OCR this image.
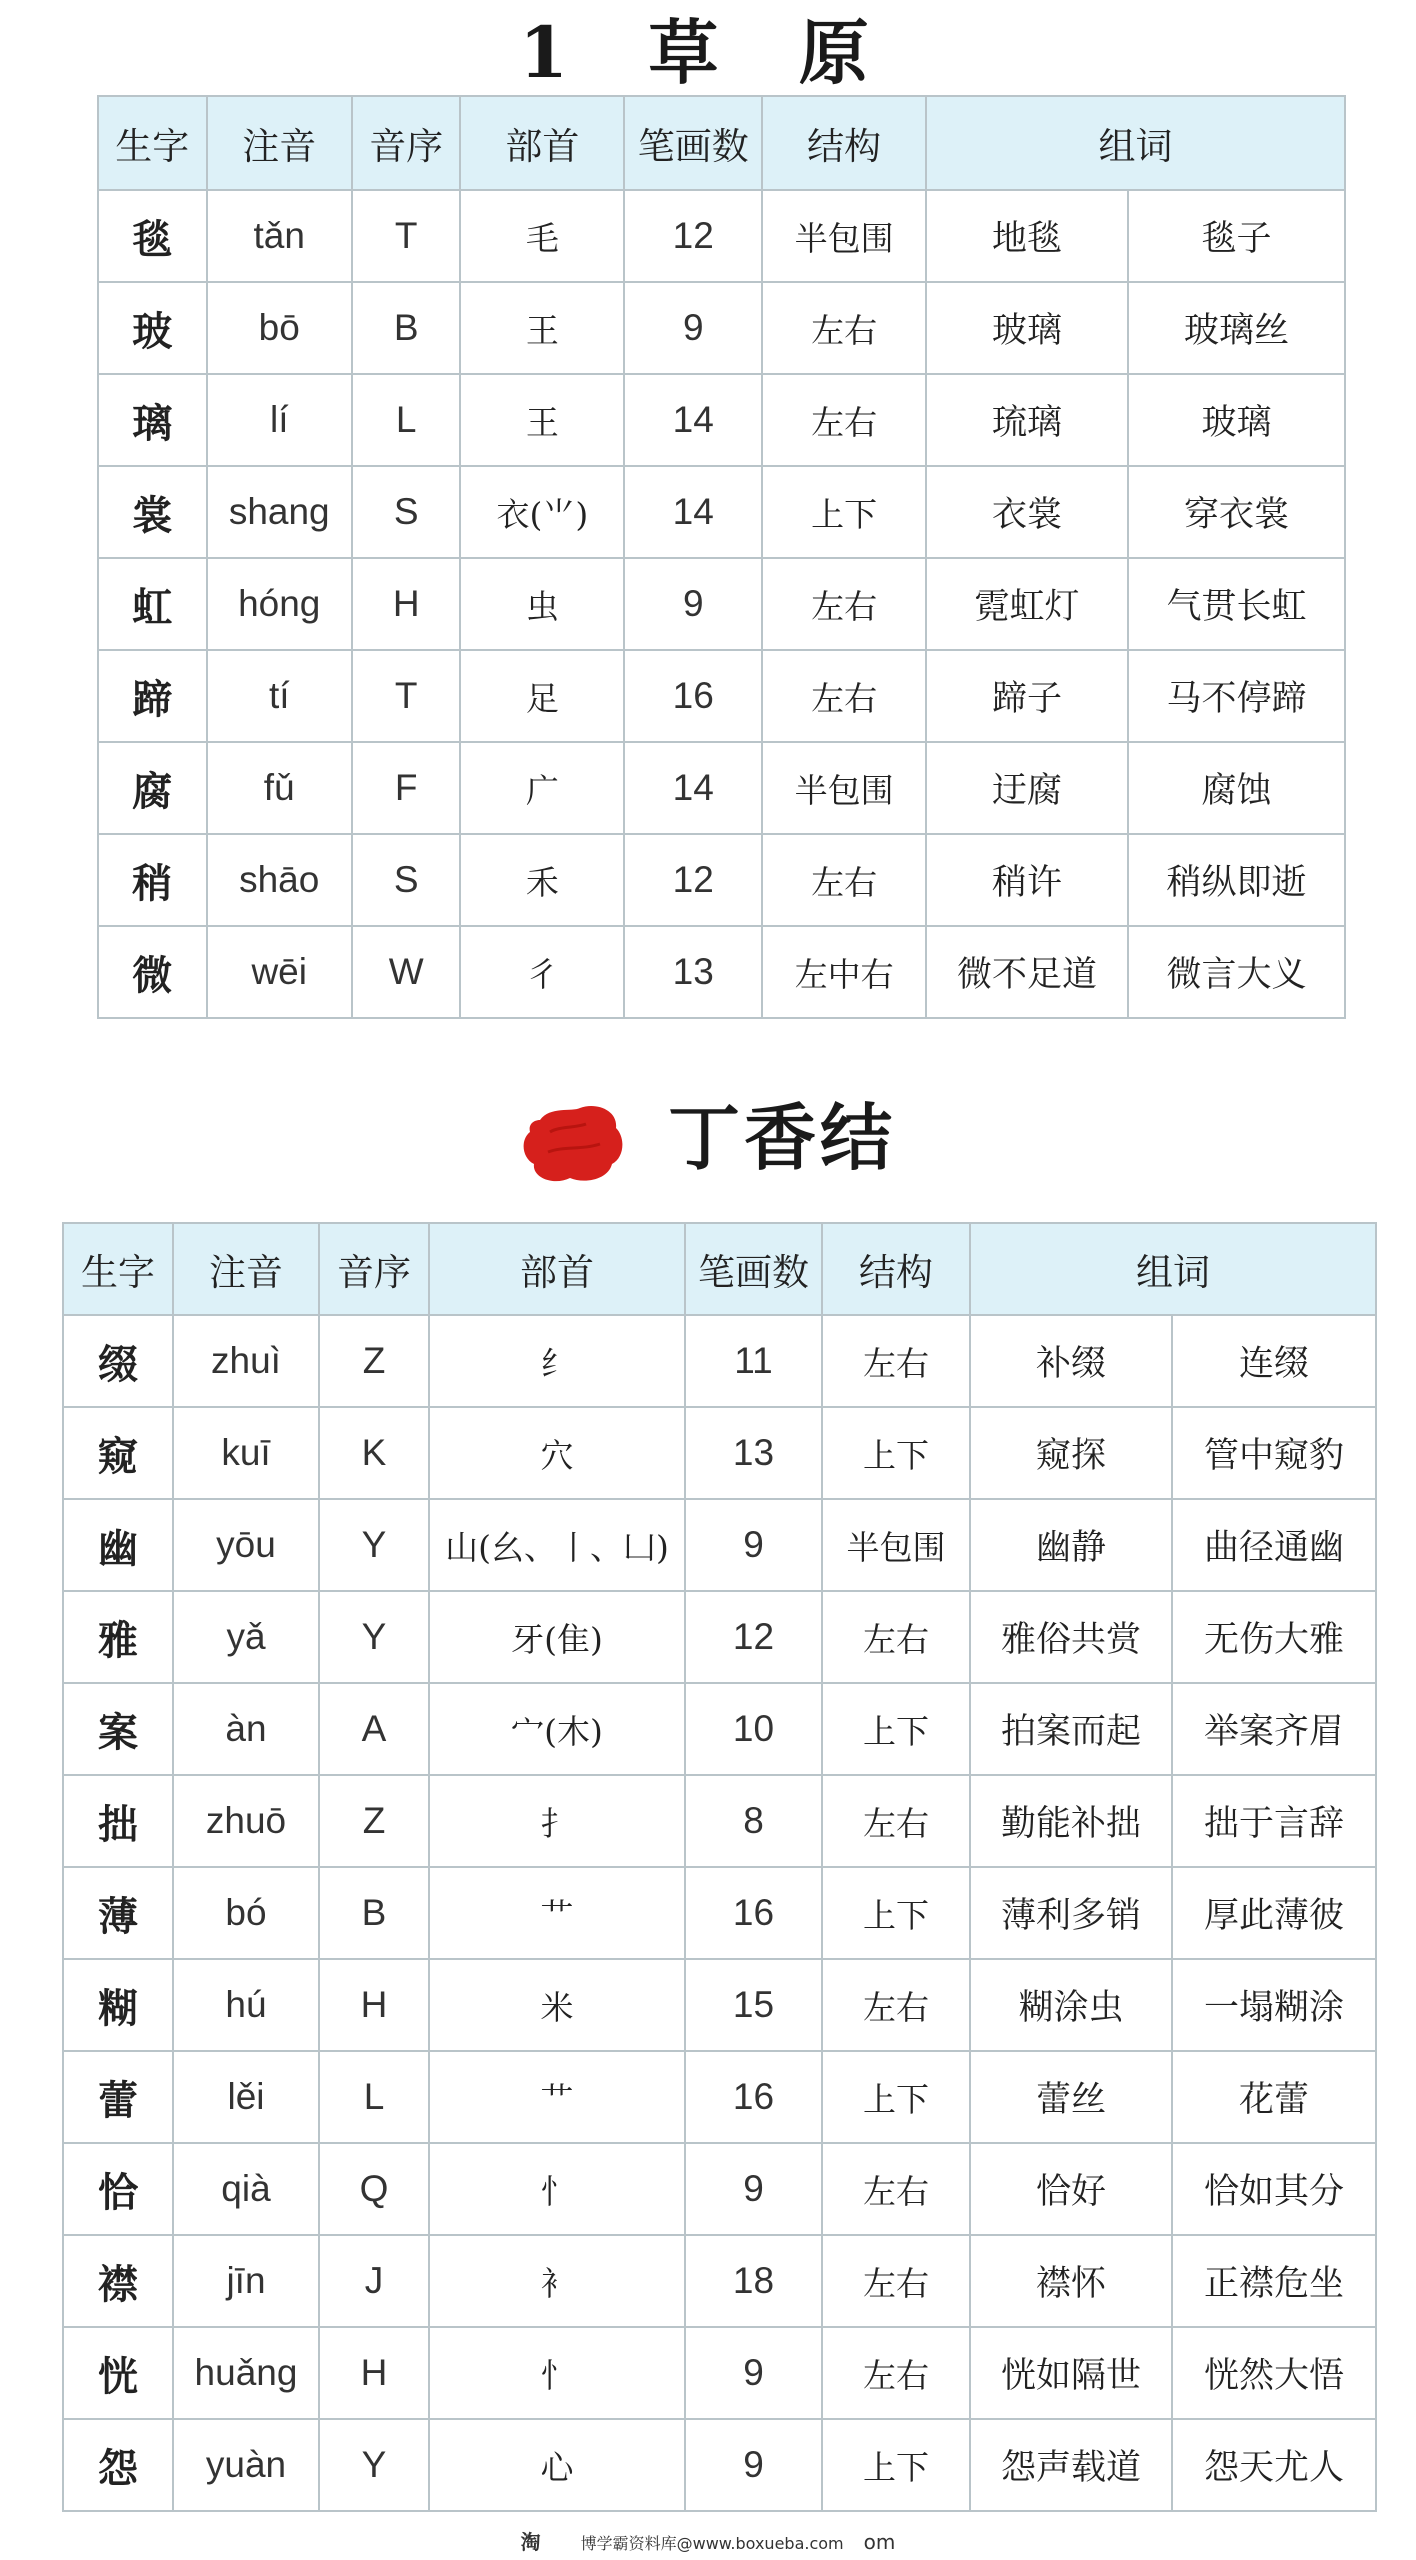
1 草 原
生字	注音	音序	部首	笔画数	结构	组词	
毯	tǎn	T	毛	12	半包围	地毯	毯子
玻	bō	B	王	9	左右	玻璃	玻璃丝
璃	lí	L	王	14	左右	琉璃	玻璃
裳	shang	S	衣(⺌)	14	上下	衣裳	穿衣裳
虹	hóng	H	虫	9	左右	霓虹灯	气贯长虹
蹄	tí	T	足	16	左右	蹄子	马不停蹄
腐	fǔ	F	广	14	半包围	迂腐	腐蚀
稍	shāo	S	禾	12	左右	稍许	稍纵即逝
微	wēi	W	彳	13	左中右	微不足道	微言大义
丁香结
生字	注音	音序	部首	笔画数	结构	组词	
缀	zhuì	Z	纟	11	左右	补缀	连缀
窥	kuī	K	穴	13	上下	窥探	管中窥豹
幽	yōu	Y	山(幺、丨、凵)	9	半包围	幽静	曲径通幽
雅	yǎ	Y	牙(隹)	12	左右	雅俗共赏	无伤大雅
案	àn	A	宀(木)	10	上下	拍案而起	举案齐眉
拙	zhuō	Z	扌	8	左右	勤能补拙	拙于言辞
薄	bó	B	艹	16	上下	薄利多销	厚此薄彼
糊	hú	H	米	15	左右	糊涂虫	一塌糊涂
蕾	lěi	L	艹	16	上下	蕾丝	花蕾
恰	qià	Q	忄	9	左右	恰好	恰如其分
襟	jīn	J	衤	18	左右	襟怀	正襟危坐
恍	huǎng	H	忄	9	左右	恍如隔世	恍然大悟
怨	yuàn	Y	心	9	上下	怨声载道	怨天尤人
淘	博学霸资料库@www.boxueba.com om
